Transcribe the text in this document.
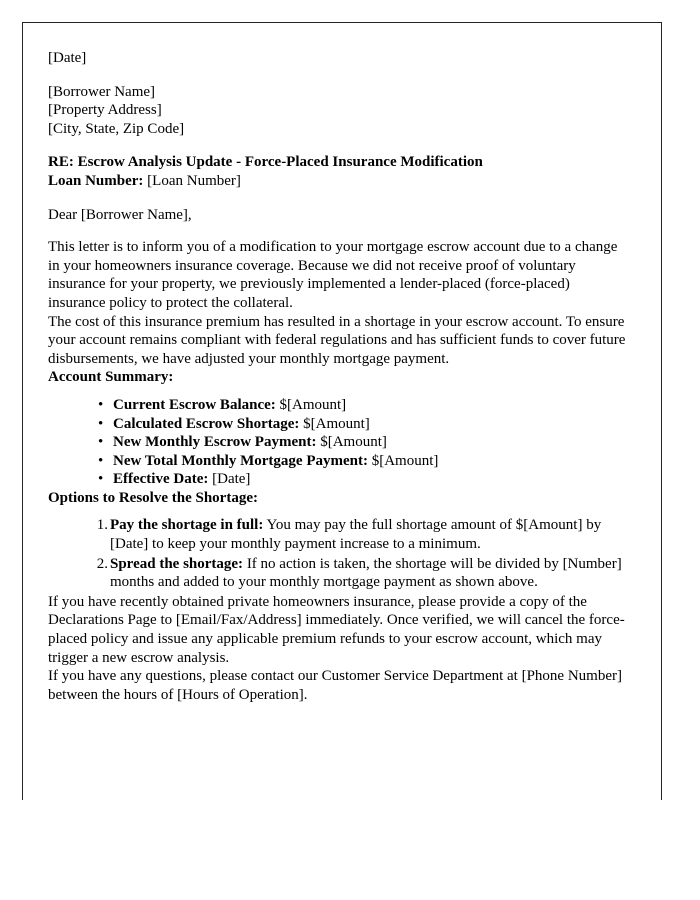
[Date]
[Borrower Name]
[Property Address]
[City, State, Zip Code]
RE: Escrow Analysis Update - Force-Placed Insurance Modification
Loan Number: [Loan Number]
Dear [Borrower Name],

This letter is to inform you of a modification to your mortgage escrow account due to a change in your homeowners insurance coverage. Because we did not receive proof of voluntary insurance for your property, we previously implemented a lender-placed (force-placed) insurance policy to protect the collateral.

The cost of this insurance premium has resulted in a shortage in your escrow account. To ensure your account remains compliant with federal regulations and has sufficient funds to cover future disbursements, we have adjusted your monthly mortgage payment.

Account Summary:
• Current Escrow Balance: $[Amount]
• Calculated Escrow Shortage: $[Amount]
• New Monthly Escrow Payment: $[Amount]
• New Total Monthly Mortgage Payment: $[Amount]
• Effective Date: [Date]
Options to Resolve the Shortage:
Pay the shortage in full: You may pay the full shortage amount of $[Amount] by [Date] to keep your monthly payment increase to a minimum.
Spread the shortage: If no action is taken, the shortage will be divided by [Number] months and added to your monthly mortgage payment as shown above.

If you have recently obtained private homeowners insurance, please provide a copy of the Declarations Page to [Email/Fax/Address] immediately. Once verified, we will cancel the force-placed policy and issue any applicable premium refunds to your escrow account, which may trigger a new escrow analysis.

If you have any questions, please contact our Customer Service Department at [Phone Number] between the hours of [Hours of Operation].
